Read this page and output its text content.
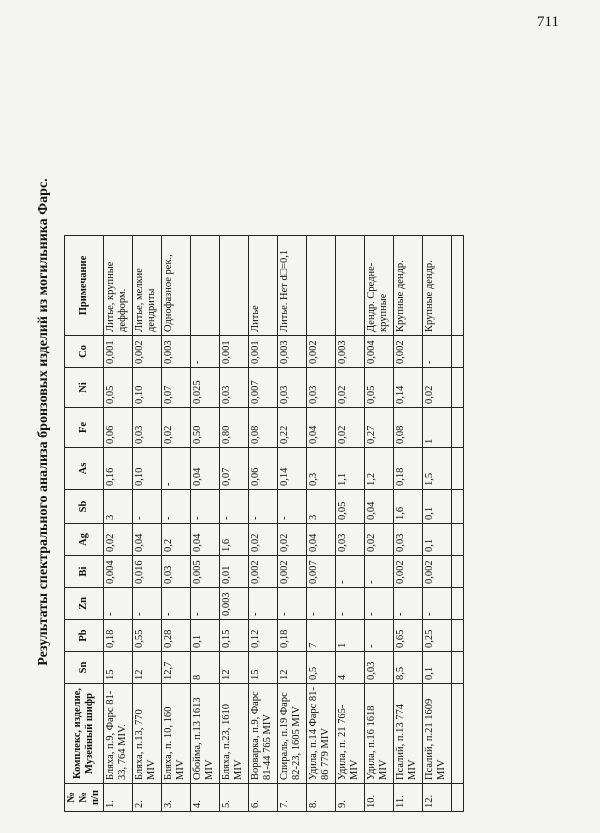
711
Результаты спектрального анализа бронзовых изделий из могильника Фарс.
№№ п/п	Комплекс, изделие, Музейный шифр	Sn	Pb	Zn	Bi	Ag	Sb	As	Fe	Ni	Co	Примечание
1.	Бляха, п.9, Фарс 81-33, 764 MIV.	15	0,18	-	0,004	0,02	3	0,16	0,06	0,05	0,001	Литье, крупные дефформ.
2.	Бляха, п.13, 770 MIV	12	0,55	-	0,016	0,04	-	0,10	0,03	0,10	0,002	Литье, мелкие дендриты
3.	Бляха, п. 10, 160 MIV	12,7	0,28	-	0,03	0,2	-	-	0,02	0,07	0,003	Однофазное рек.,
4.	Обойма, п.13 1613 MIV	8	0,1	-	0,005	0,04	-	0,04	0,50	0,025	-	
5.	Бляха, п.23, 1610 MIV	12	0,15	0,003	0,01	1,6	-	0,07	0,80	0,03	0,001	
6.	Ворварка, п.9, Фарс 81-44 765 MIV	15	0,12	-	0,002	0,02	-	0,06	0,08	0,007	0,001	Литье
7.	Спираль, п.19 Фарс 82-23, 1605 MIV	12	0,18	-	0,002	0,02	-	0,14	0,22	0,03	0,003	Литье. Нет d□=0,1
8.	Удила, п.14 Фарс 81-86 779 MIV	0,5	7	-	0,007	0,04	3	0,3	0,04	0,03	0,002	
9.	Удила, п. 21 765-MIV	4	1	-	-	0,03	0,05	1,1	0,02	0,02	0,003	
10.	Удила, п.16 1618 MIV	0,03	-	-	-	0,02	0,04	1,2	0,27	0,05	0,004	Дендр. Средне-крупные
11.	Псалий, п.13 774 MIV	8,5	0,65	-	0,002	0,03	1,6	0,18	0,08	0,14	0,002	Крупные дендр.
12.	Псалий, п.21 1609 MIV	0,1	0,25	-	0,002	0,1	0,1	1,5	1	0,02	-	Крупные дендр.
